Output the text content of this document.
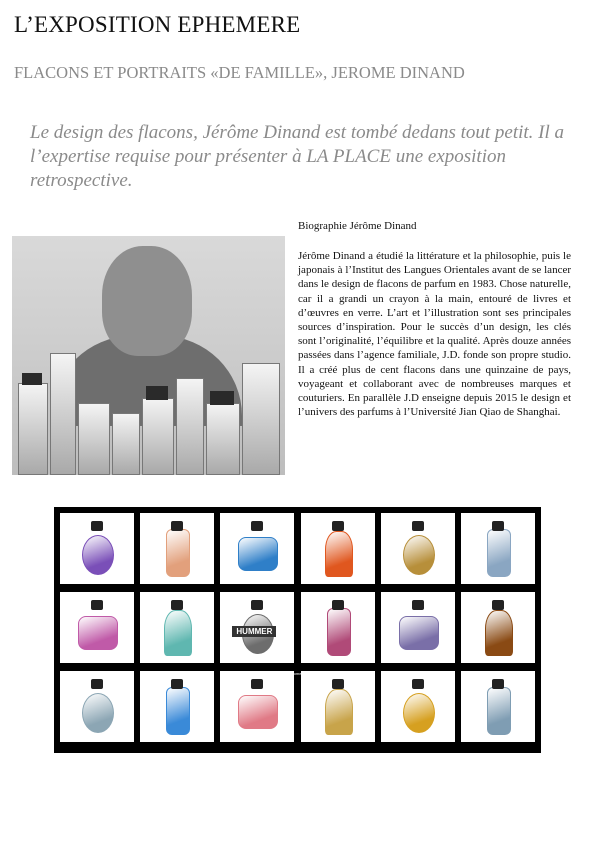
L’EXPOSITION EPHEMERE
FLACONS ET PORTRAITS «DE FAMILLE», JEROME DINAND

Le design des flacons, Jérôme Dinand est tombé dedans tout petit. Il a l’expertise requise pour présenter à LA PLACE une exposition retrospective.

Biographie Jérôme Dinand

Jérôme Dinand a étudié la littérature et la philosophie, puis le japonais à l’Institut des Langues Orientales avant de se lancer dans le design de flacons de parfum en 1983. Chose naturelle, car il a grandi un crayon à la main, entouré de livres et d’œuvres en verre. L’art et l’illustration sont ses principales sources d’inspiration. Pour le succès d’un design, les clés sont l’originalité, l’équilibre et la qualité. Après douze années passées dans l’agence familiale, J.D. fonde son propre studio. Il a créé plus de cent flacons dans une quinzaine de pays, voyageant et collaborant avec de nombreuses marques et couturiers. En parallèle J.D enseigne depuis 2015 le design et l’univers des parfums à l’Université Jian Qiao de Shanghai.

jerome
HUMMER
